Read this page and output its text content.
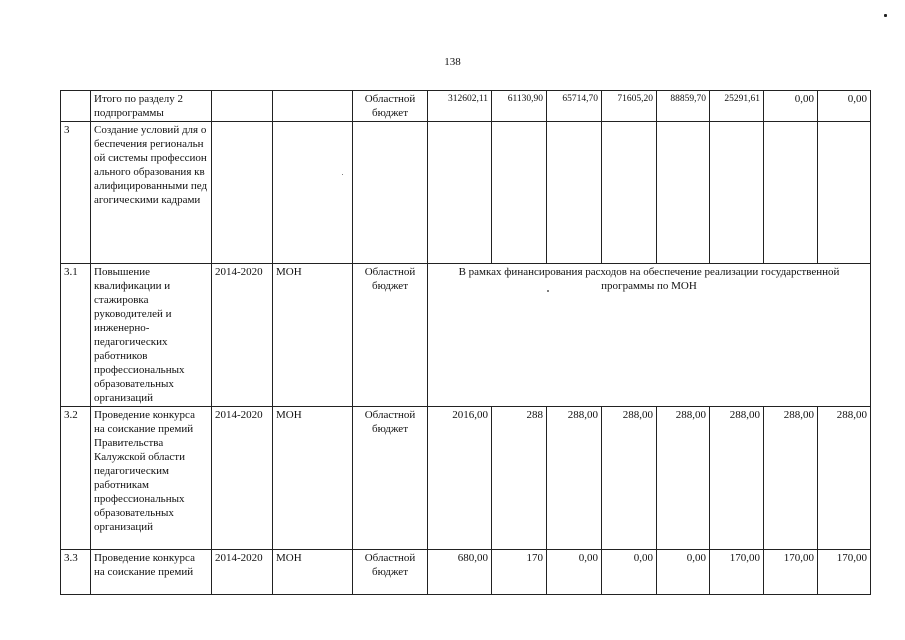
138
	Итого по разделу 2 подпрограммы			Областной бюджет	312602,11	61130,90	65714,70	71605,20	88859,70	25291,61	0,00	0,00
3	Создание условий для обеспечения региональной системы профессионального образования квалифицированными педагогическими кадрами											
3.1	Повышение квалификации и стажировка руководителей и инженерно-педагогических работников профессиональных образовательных организаций	2014-2020	МОН	Областной бюджет	В рамках финансирования расходов на обеспечение реализации государственной программы по МОН							
3.2	Проведение конкурса на соискание премий Правительства Калужской области педагогическим работникам профессиональных образовательных организаций	2014-2020	МОН	Областной бюджет	2016,00	288	288,00	288,00	288,00	288,00	288,00	288,00
3.3	Проведение конкурса на соискание премий	2014-2020	МОН	Областной бюджет	680,00	170	0,00	0,00	0,00	170,00	170,00	170,00
